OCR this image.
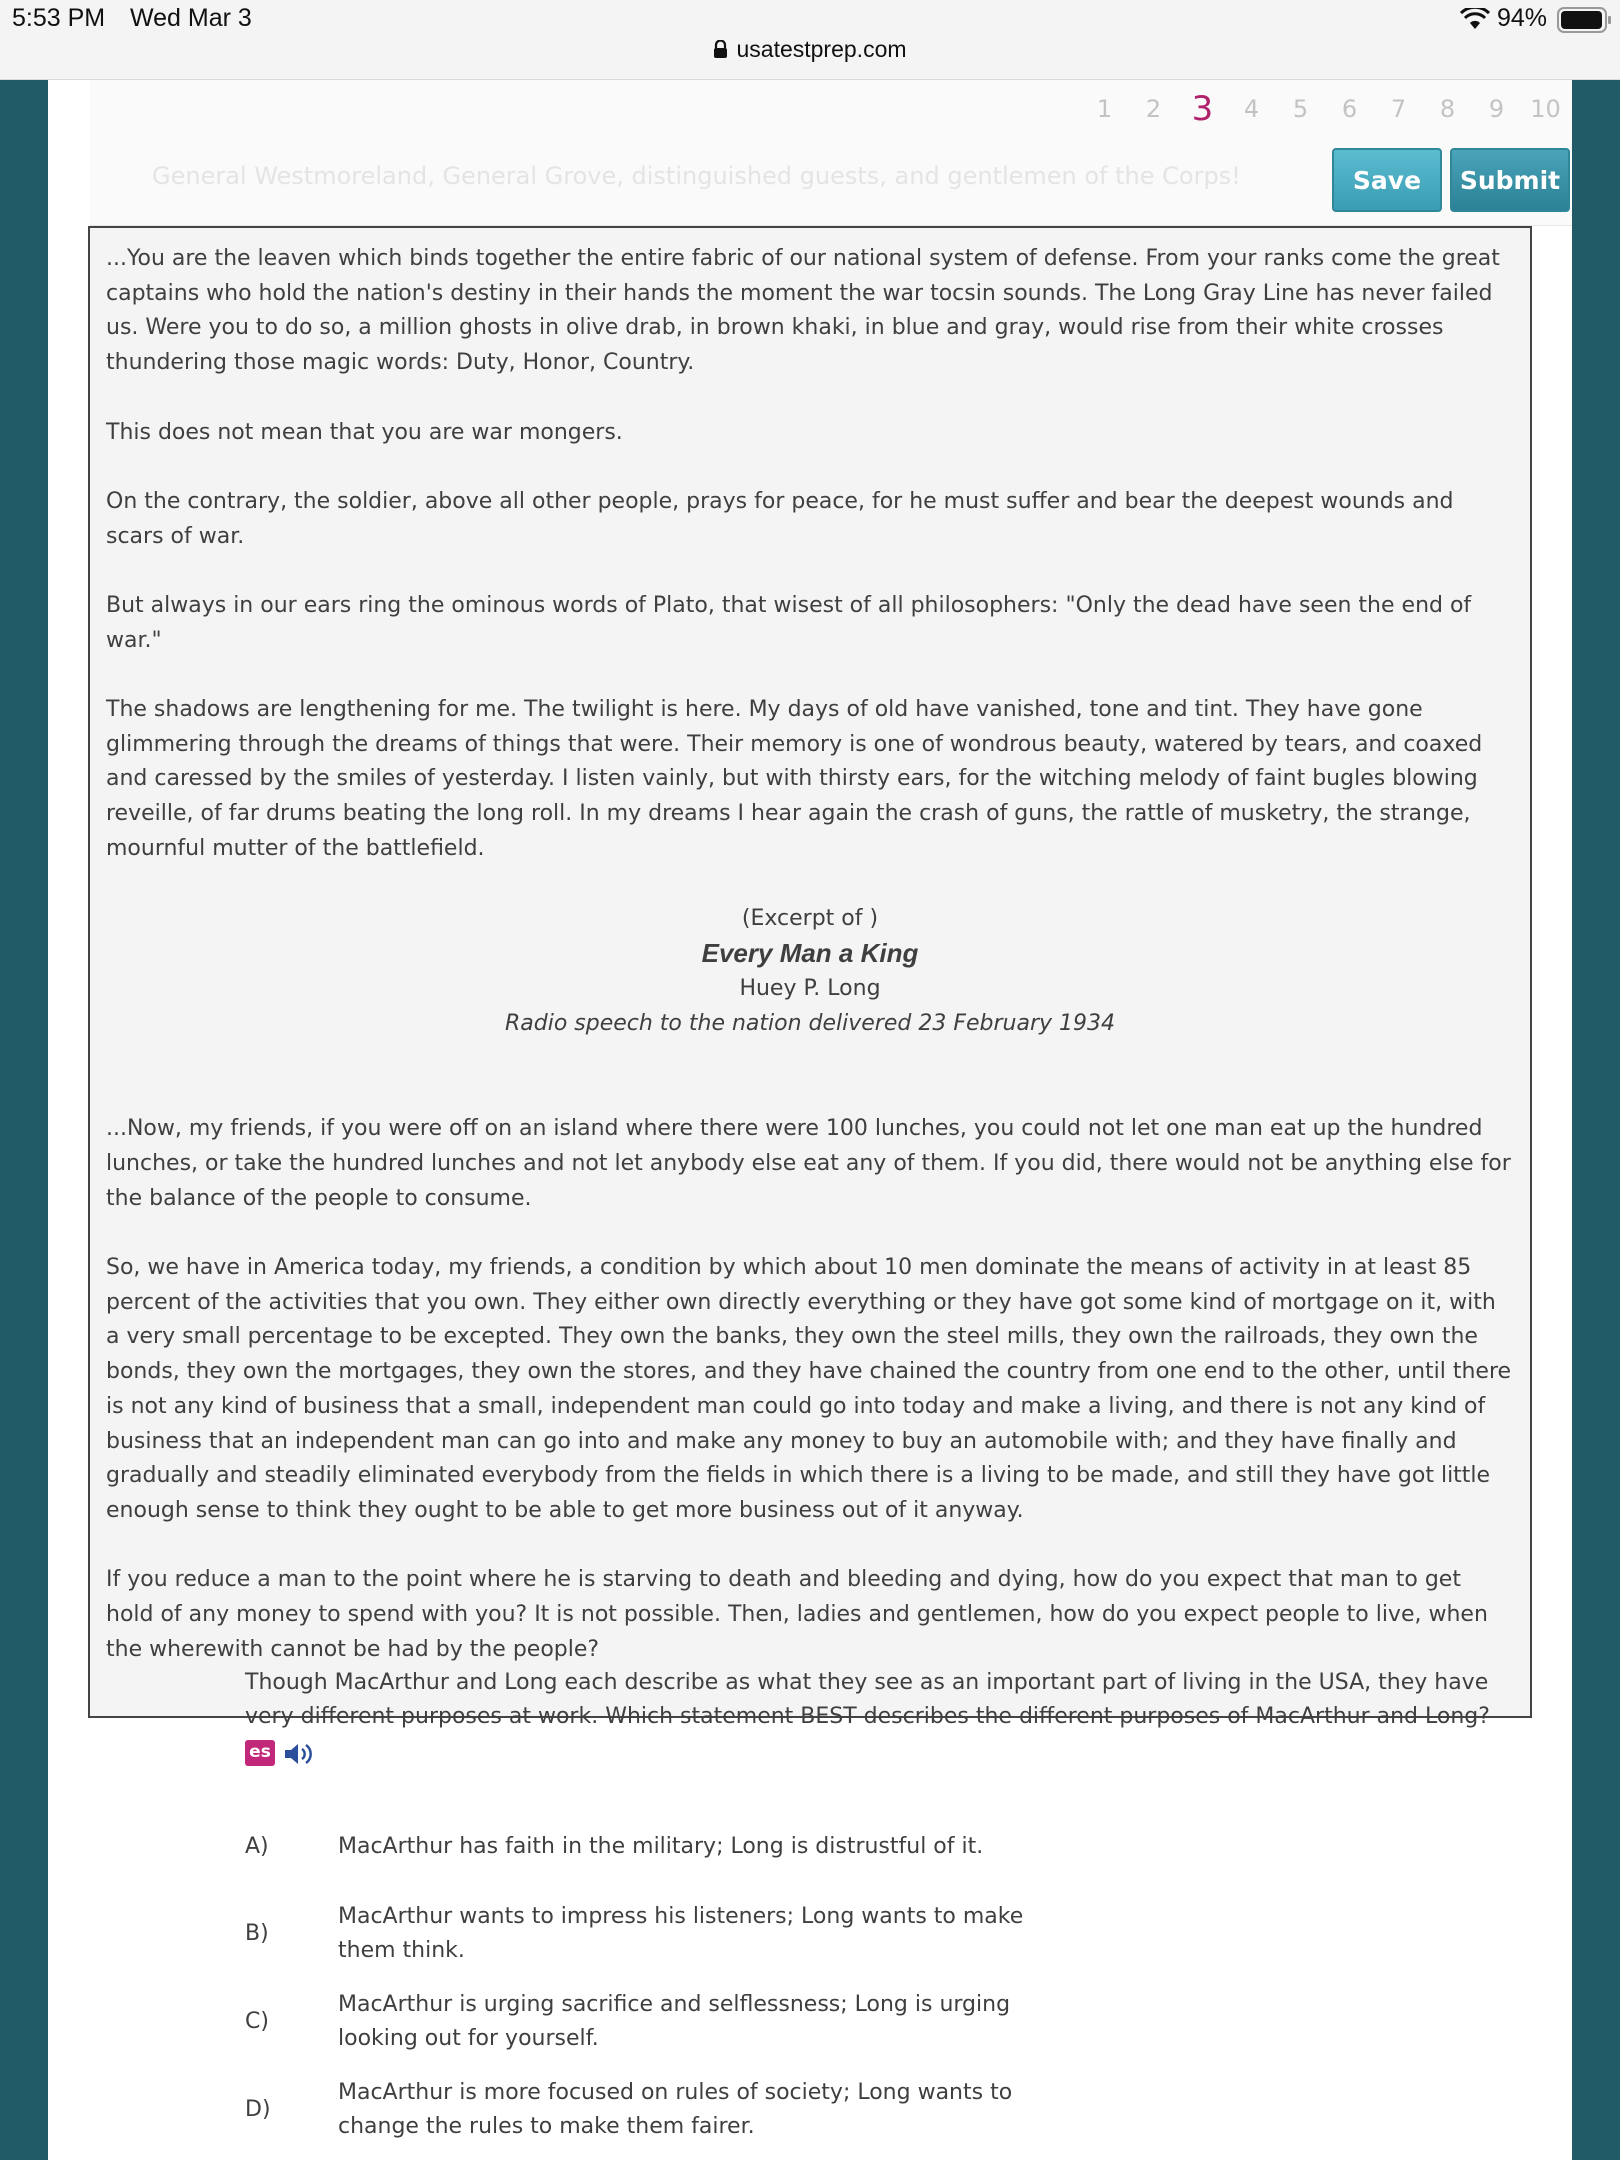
5:53 PM Wed Mar 3	94%
usatestprep.com
General Westmoreland, General Grove, distinguished guests, and gentlemen of the Corps!
1	2 3	4	5	6	7	8	9	10
Save	Submit

...You are the leaven which binds together the entire fabric of our national system of defense. From your ranks come the great captains who hold the nation's destiny in their hands the moment the war tocsin sounds. The Long Gray Line has never failed us. Were you to do so, a million ghosts in olive drab, in brown khaki, in blue and gray, would rise from their white crosses thundering those magic words: Duty, Honor, Country.

This does not mean that you are war mongers.

On the contrary, the soldier, above all other people, prays for peace, for he must suffer and bear the deepest wounds and scars of war.

But always in our ears ring the ominous words of Plato, that wisest of all philosophers: "Only the dead have seen the end of war."

The shadows are lengthening for me. The twilight is here. My days of old have vanished, tone and tint. They have gone glimmering through the dreams of things that were. Their memory is one of wondrous beauty, watered by tears, and coaxed and caressed by the smiles of yesterday. I listen vainly, but with thirsty ears, for the witching melody of faint bugles blowing reveille, of far drums beating the long roll. In my dreams I hear again the crash of guns, the rattle of musketry, the strange, mournful mutter of the battlefield.

(Excerpt of )
Every Man a King
Huey P. Long
Radio speech to the nation delivered 23 February 1934

...Now, my friends, if you were off on an island where there were 100 lunches, you could not let one man eat up the hundred lunches, or take the hundred lunches and not let anybody else eat any of them. If you did, there would not be anything else for the balance of the people to consume.

So, we have in America today, my friends, a condition by which about 10 men dominate the means of activity in at least 85 percent of the activities that you own. They either own directly everything or they have got some kind of mortgage on it, with a very small percentage to be excepted. They own the banks, they own the steel mills, they own the railroads, they own the bonds, they own the mortgages, they own the stores, and they have chained the country from one end to the other, until there is not any kind of business that a small, independent man could go into today and make a living, and there is not any kind of business that an independent man can go into and make any money to buy an automobile with; and they have finally and gradually and steadily eliminated everybody from the fields in which there is a living to be made, and still they have got little enough sense to think they ought to be able to get more business out of it anyway.

If you reduce a man to the point where he is starving to death and bleeding and dying, how do you expect that man to get hold of any money to spend with you? It is not possible. Then, ladies and gentlemen, how do you expect people to live, when the wherewith cannot be had by the people?

Though MacArthur and Long each describe as what they see as an important part of living in the USA, they have very different purposes at work. Which statement BEST describes the different purposes of MacArthur and Long?
es
A)	MacArthur has faith in the military; Long is distrustful of it.
B)
MacArthur wants to impress his listeners; Long wants to make them think.
C)
MacArthur is urging sacrifice and selflessness; Long is urging looking out for yourself.
D)
MacArthur is more focused on rules of society; Long wants to change the rules to make them fairer.
